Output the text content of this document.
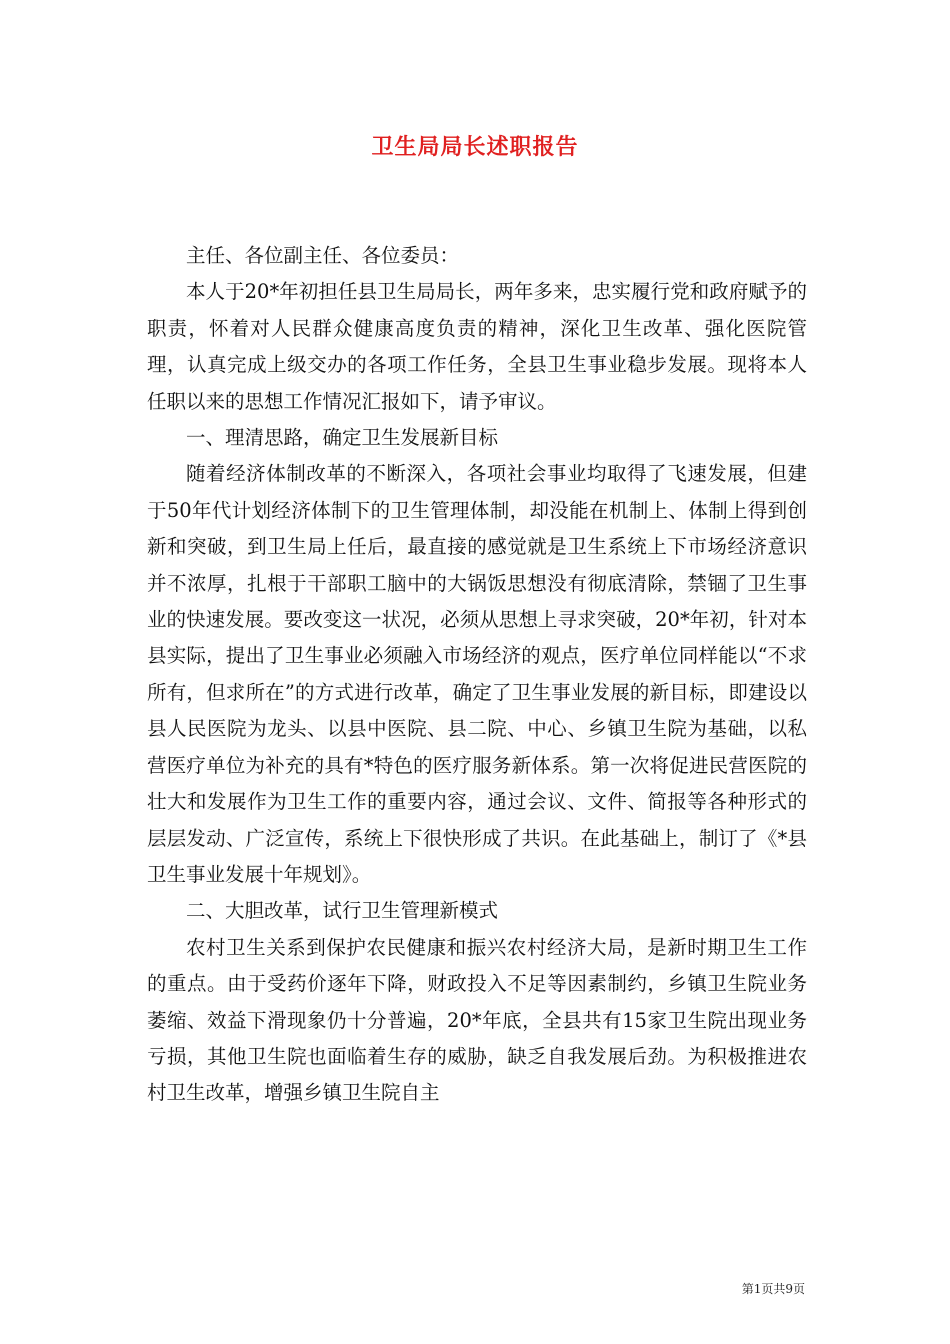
卫生局局长述职报告

主任、各位副主任、各位委员：

本人于20*年初担任县卫生局局长，两年多来，忠实履行党和政府赋予的职责，怀着对人民群众健康高度负责的精神，深化卫生改革、强化医院管理，认真完成上级交办的各项工作任务，全县卫生事业稳步发展。现将本人任职以来的思想工作情况汇报如下，请予审议。

一、理清思路，确定卫生发展新目标

随着经济体制改革的不断深入，各项社会事业均取得了飞速发展，但建于50年代计划经济体制下的卫生管理体制，却没能在机制上、体制上得到创新和突破，到卫生局上任后，最直接的感觉就是卫生系统上下市场经济意识并不浓厚，扎根于干部职工脑中的大锅饭思想没有彻底清除，禁锢了卫生事业的快速发展。要改变这一状况，必须从思想上寻求突破，20*年初，针对本县实际，提出了卫生事业必须融入市场经济的观点，医疗单位同样能以“不求所有，但求所在”的方式进行改革，确定了卫生事业发展的新目标，即建设以县人民医院为龙头、以县中医院、县二院、中心、乡镇卫生院为基础，以私营医疗单位为补充的具有*特色的医疗服务新体系。第一次将促进民营医院的壮大和发展作为卫生工作的重要内容，通过会议、文件、简报等各种形式的层层发动、广泛宣传，系统上下很快形成了共识。在此基础上，制订了《*县卫生事业发展十年规划》。

二、大胆改革，试行卫生管理新模式

农村卫生关系到保护农民健康和振兴农村经济大局，是新时期卫生工作的重点。由于受药价逐年下降，财政投入不足等因素制约，乡镇卫生院业务萎缩、效益下滑现象仍十分普遍，20*年底，全县共有15家卫生院出现业务亏损，其他卫生院也面临着生存的威胁，缺乏自我发展后劲。为积极推进农村卫生改革，增强乡镇卫生院自主

第1页共9页
